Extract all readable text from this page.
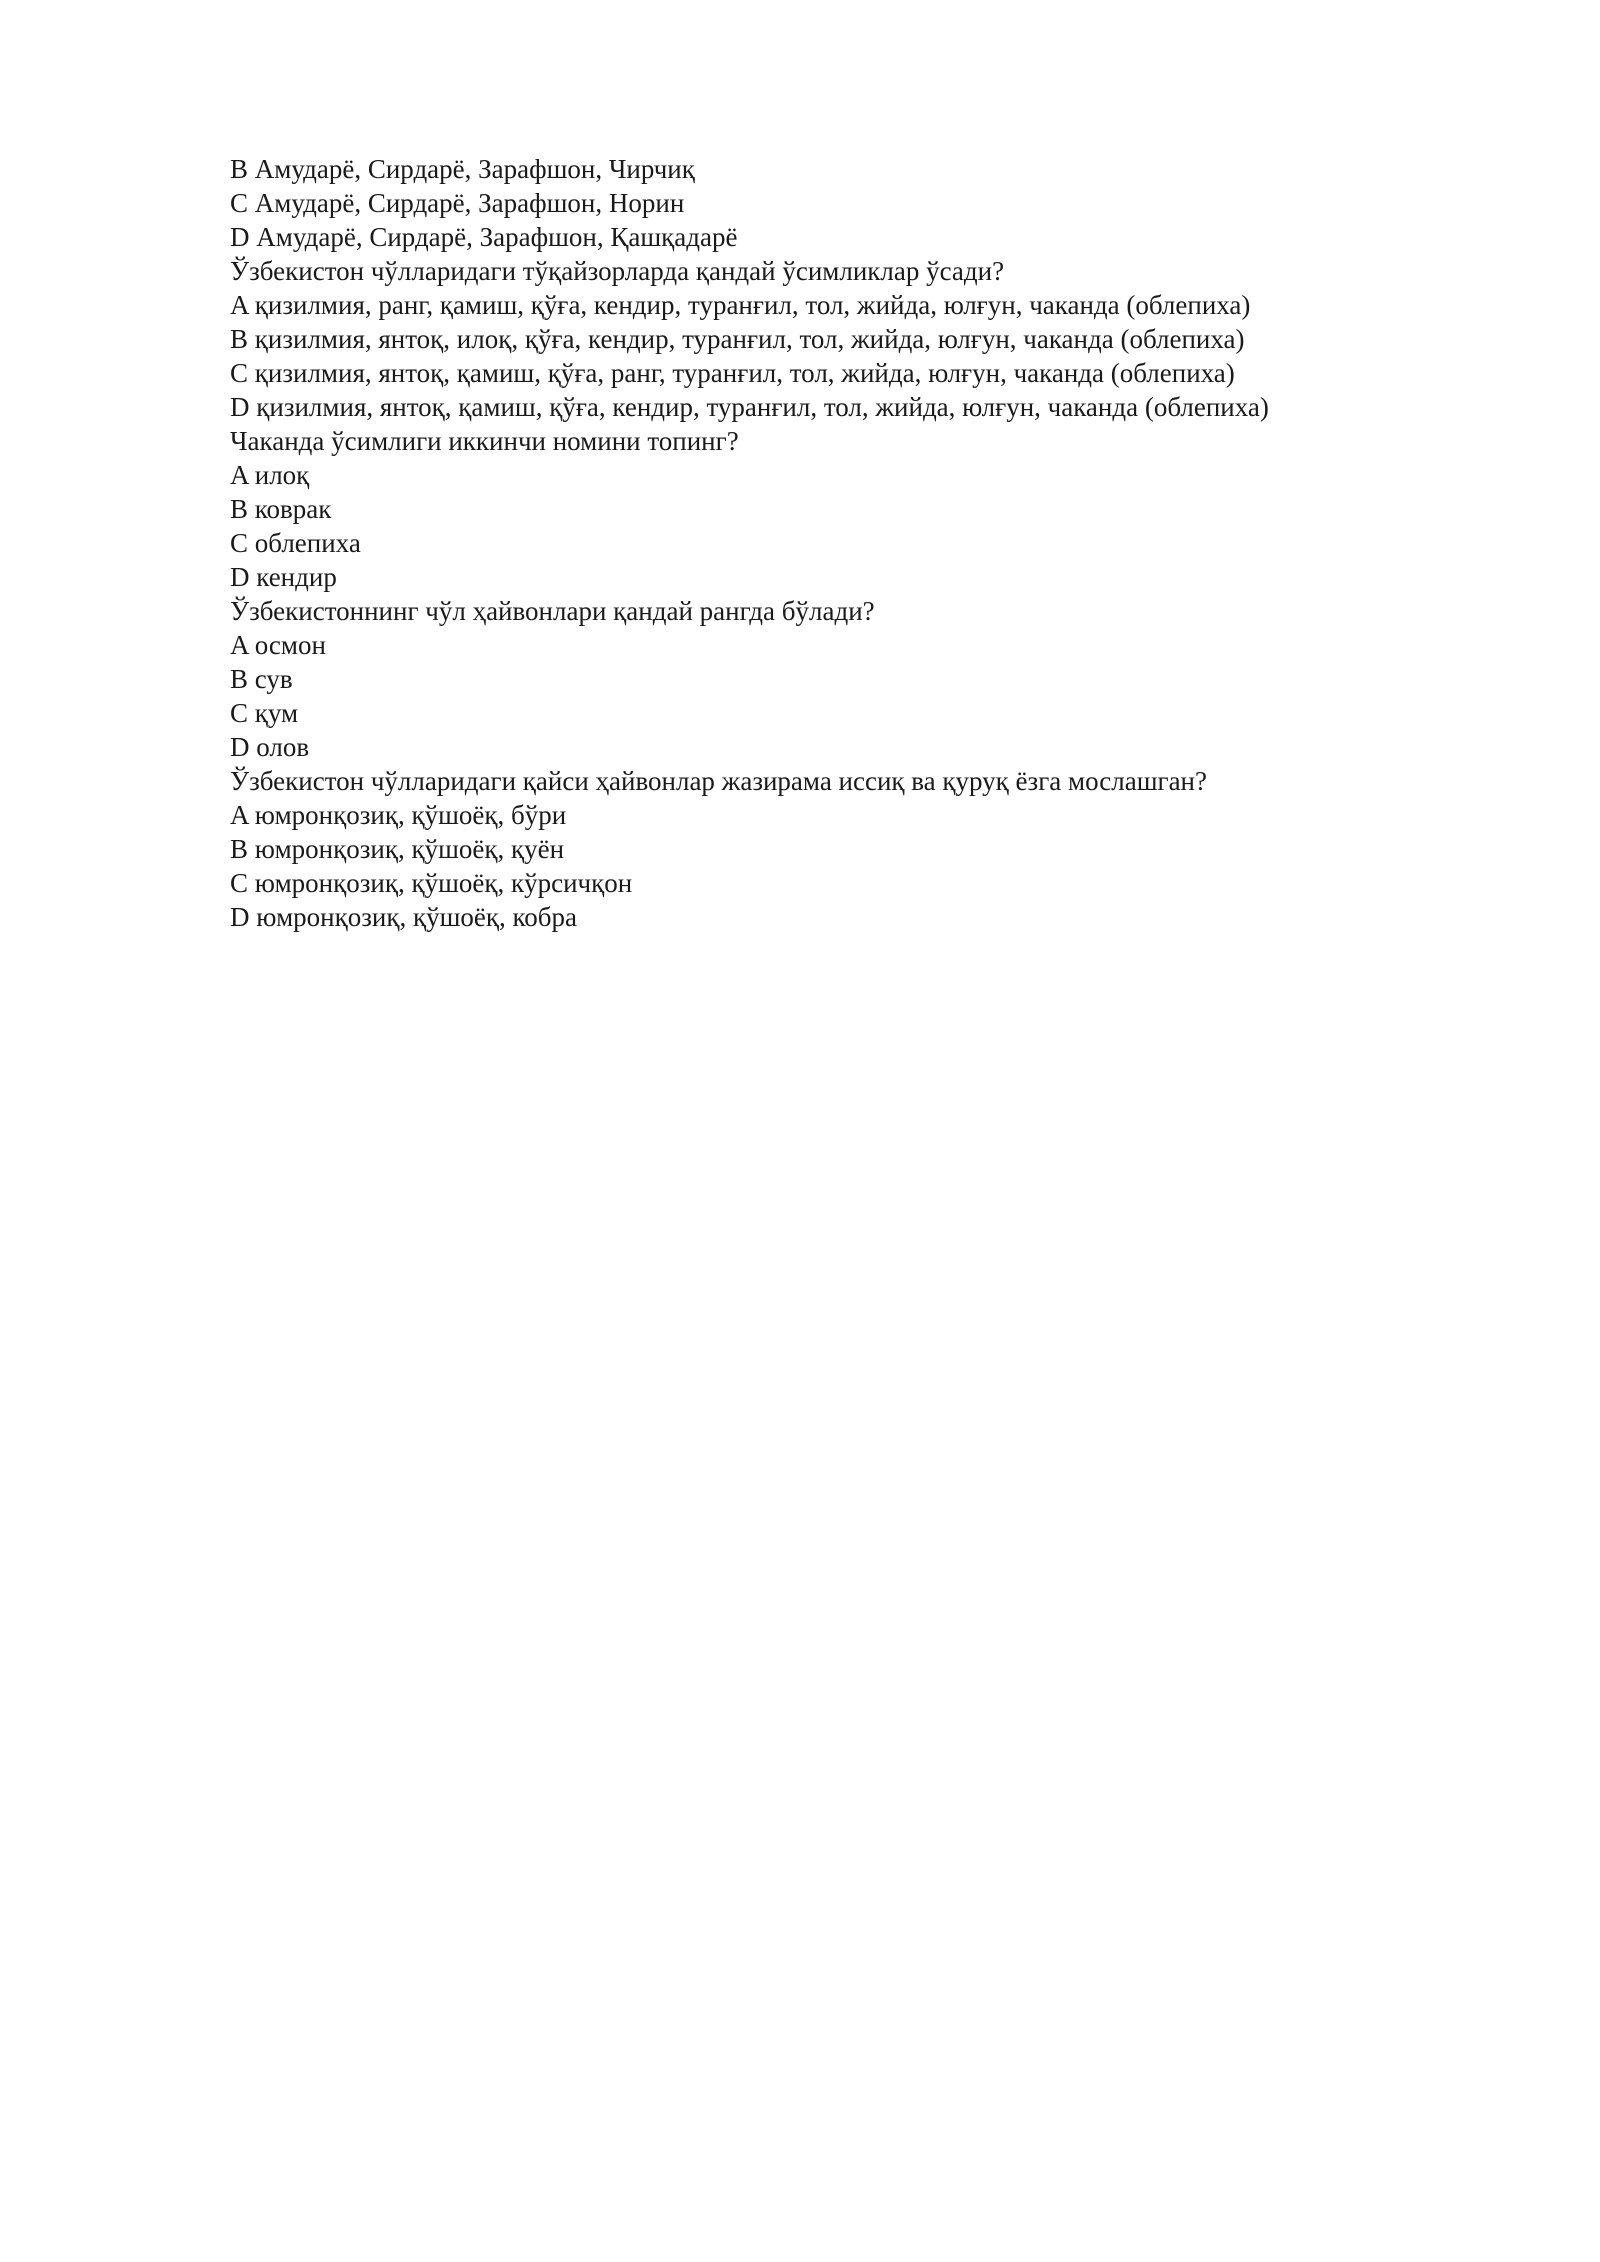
B Амударё, Сирдарё, Зарафшон, Чирчиқ

C Амударё, Сирдарё, Зарафшон, Норин

D Амударё, Сирдарё, Зарафшон, Қашқадарё

Ўзбекистон чўлларидаги тўқайзорларда қандай ўсимликлар ўсади?

A қизилмия, ранг, қамиш, қўға, кендир, туранғил, тол, жийда, юлғун, чаканда (облепиха)

B қизилмия, янтоқ, илоқ, қўға, кендир, туранғил, тол, жийда, юлғун, чаканда (облепиха)

C қизилмия, янтоқ, қамиш, қўға, ранг, туранғил, тол, жийда, юлғун, чаканда (облепиха)

D қизилмия, янтоқ, қамиш, қўға, кендир, туранғил, тол, жийда, юлғун, чаканда (облепиха)

Чаканда ўсимлиги иккинчи номини топинг?

A илоқ

B коврак

C облепиха

D кендир

Ўзбекистоннинг чўл ҳайвонлари қандай рангда бўлади?

A осмон

B сув

C қум

D олов

Ўзбекистон чўлларидаги қайси ҳайвонлар жазирама иссиқ ва қуруқ ёзга мослашган?

A юмронқозиқ, қўшоёқ, бўри

B юмронқозиқ, қўшоёқ, қуён

C юмронқозиқ, қўшоёқ, кўрсичқон

D юмронқозиқ, қўшоёқ, кобра
